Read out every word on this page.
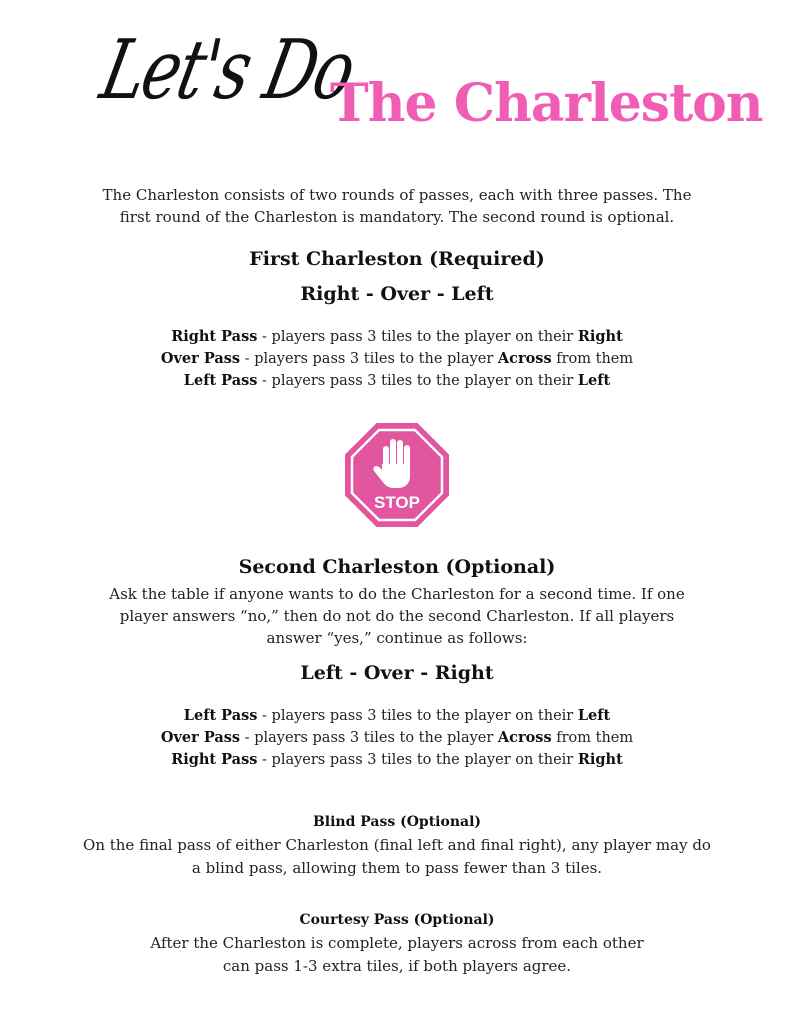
Let's Do
The Charleston
The Charleston consists of two rounds of passes, each with three passes. The
first round of the Charleston is mandatory. The second round is optional.
First Charleston (Required)
Right - Over - Left
Right Pass - players pass 3 tiles to the player on their Right
Over Pass - players pass 3 tiles to the player Across from them
Left Pass - players pass 3 tiles to the player on their Left
STOP
Second Charleston (Optional)
Ask the table if anyone wants to do the Charleston for a second time. If one
player answers “no,” then do not do the second Charleston. If all players
answer “yes,” continue as follows:
Left - Over - Right
Left Pass - players pass 3 tiles to the player on their Left
Over Pass - players pass 3 tiles to the player Across from them
Right Pass - players pass 3 tiles to the player on their Right
Blind Pass (Optional)
On the final pass of either Charleston (final left and final right), any player may do
a blind pass, allowing them to pass fewer than 3 tiles.
Courtesy Pass (Optional)
After the Charleston is complete, players across from each other
can pass 1-3 extra tiles, if both players agree.
